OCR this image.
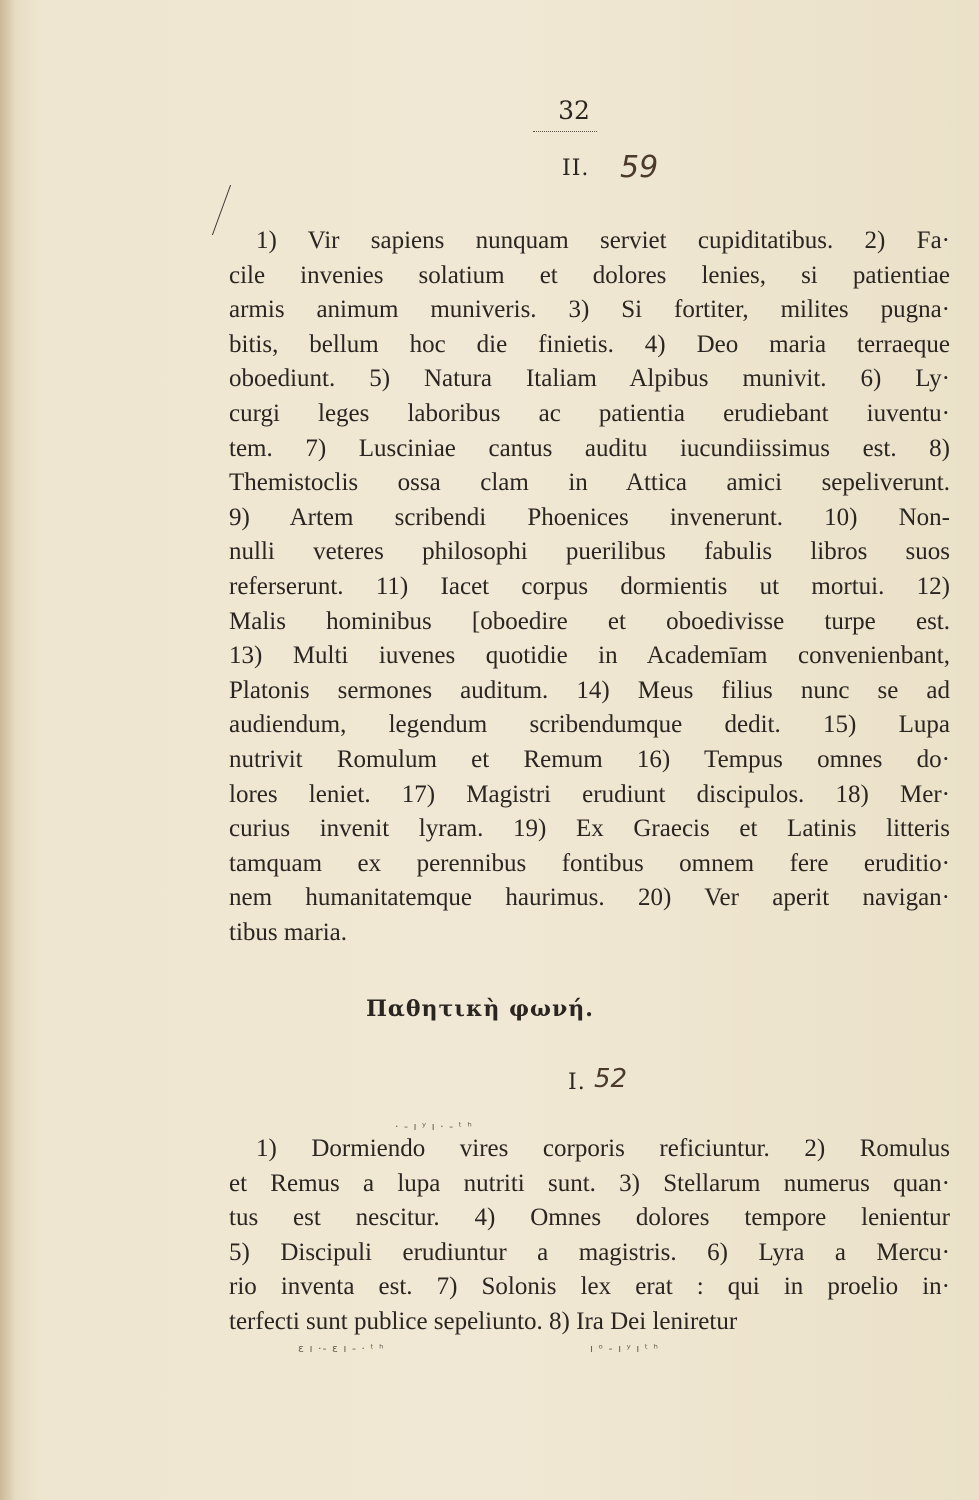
32
II. 59
1) Vir sapiens nunquam serviet cupiditatibus. 2) Fa·
cile invenies solatium et dolores lenies, si patientiae
armis animum muniveris. 3) Si fortiter, milites pugna·
bitis, bellum hoc die finietis. 4) Deo maria terraeque
oboediunt. 5) Natura Italiam Alpibus munivit. 6) Ly·
curgi leges laboribus ac patientia erudiebant iuventu·
tem. 7) Lusciniae cantus auditu iucundiissimus est. 8)
Themistoclis ossa clam in Attica amici sepeliverunt.
9) Artem scribendi Phoenices invenerunt. 10) Non-
nulli veteres philosophi puerilibus fabulis libros suos
referserunt. 11) Iacet corpus dormientis ut mortui. 12)
Malis hominibus [oboedire et oboedivisse turpe est.
13) Multi iuvenes quotidie in Academīam convenienbant,
Platonis sermones auditum. 14) Meus filius nunc se ad
audiendum, legendum scribendumque dedit. 15) Lupa
nutrivit Romulum et Remum 16) Tempus omnes do·
lores leniet. 17) Magistri erudiunt discipulos. 18) Mer·
curius invenit lyram. 19) Ex Graecis et Latinis litteris
tamquam ex perennibus fontibus omnem fere eruditio·
nem humanitatemque haurimus. 20) Ver aperit navigan·
tibus maria.
Παθητικὴ φωνή.
I. 52
1) Dormiendo vires corporis reficiuntur. 2) Romulus
et Remus a lupa nutriti sunt. 3) Stellarum numerus quan·
tus est nescitur. 4) Omnes dolores tempore lenientur
5) Discipuli erudiuntur a magistris. 6) Lyra a Mercu·
rio inventa est. 7) Solonis lex erat : qui in proelio in·
terfecti sunt publice sepeliunto. 8) Ira Dei leniretur
· - ı ʸ ı · - ᵗ ʰ
ɛ ı ·- ɛ ı - · ᵗ ʰ	ı ᵒ - ı ʸ ı ᵗ ʰ
